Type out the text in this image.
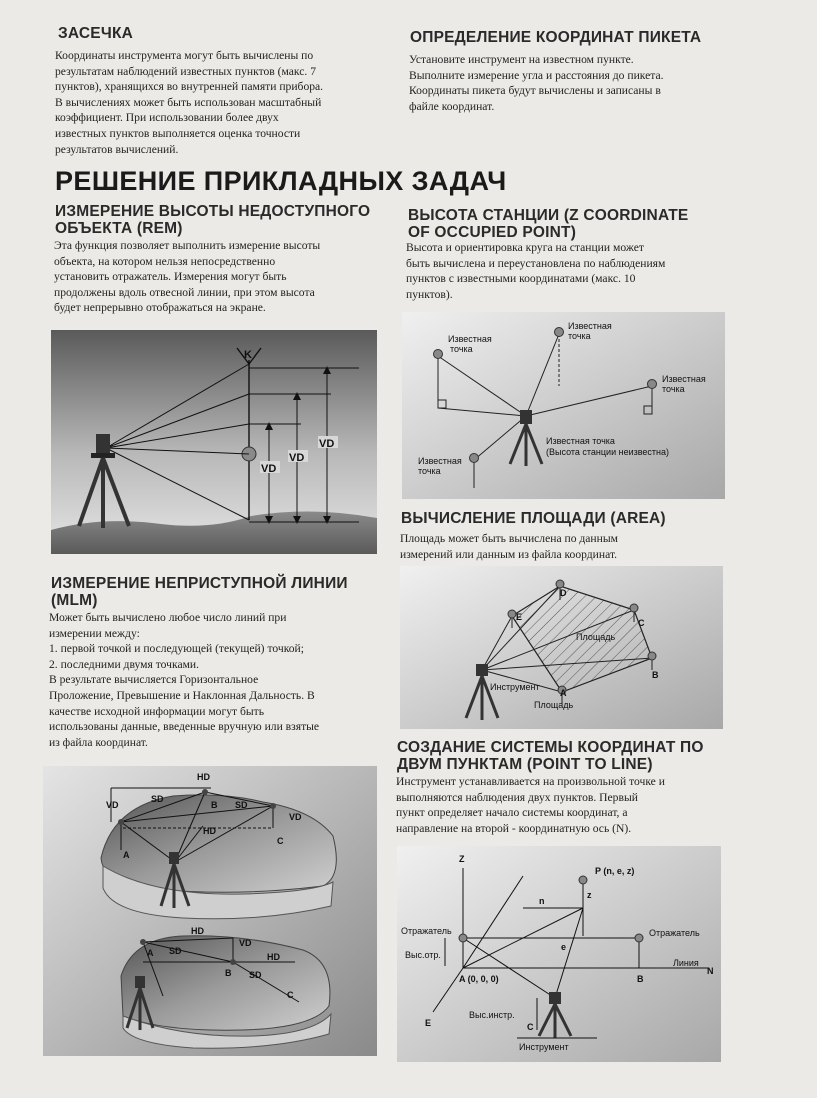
ЗАСЕЧКА
Координаты инструмента могут быть вычислены по
результатам наблюдений известных пунктов (макс. 7
пунктов), хранящихся во внутренней памяти прибора.
В вычислениях может быть использован масштабный
коэффициент. При использовании более двух
известных пунктов выполняется оценка точности
результатов вычислений.
ОПРЕДЕЛЕНИЕ КООРДИНАТ ПИКЕТА
Установите инструмент на известном пункте.
Выполните измерение угла и расстояния до пикета.
Координаты пикета будут вычислены и записаны в
файле координат.
РЕШЕНИЕ ПРИКЛАДНЫХ ЗАДАЧ
ИЗМЕРЕНИЕ ВЫСОТЫ НЕДОСТУПНОГО
ОБЪЕКТА (REM)
Эта функция позволяет выполнить измерение высоты
объекта, на котором нельзя непосредственно
установить отражатель. Измерения могут быть
продолжены вдоль отвесной линии, при этом высота
будет непрерывно отображаться на экране.
K
VD
VD
VD
ИЗМЕРЕНИЕ НЕПРИСТУПНОЙ ЛИНИИ
(MLM)
Может быть вычислено любое число линий при
измерении между:
1. первой точкой и последующей (текущей) точкой;
2. последними двумя точками.
В результате вычисляется Горизонтальное
Проложение, Превышение и Наклонная Дальность. В
качестве исходной информации могут быть
использованы данные, введенные вручную или взятые
из файла координат.
HD
VD
SD
SD
B
HD
VD
A
C
HD
VD
SD
A
B SD
HD
C
ВЫСОТА СТАНЦИИ (Z COORDINATE
OF OCCUPIED POINT)
Высота и ориентировка круга на станции может
быть вычислена и переустановлена по наблюдениям
пунктов с известными координатами (макс. 10
пунктов).
Известная
точка
Известная
точка
Известная
точка
Известная
точка
Известная точка
(Высота станции неизвестна)
ВЫЧИСЛЕНИЕ ПЛОЩАДИ (AREA)
Площадь может быть вычислена по данным
измерений или данным из файла координат.
E
D
C
B
A
Площадь
Инструмент
Площадь
СОЗДАНИЕ СИСТЕМЫ КООРДИНАТ ПО
ДВУМ ПУНКТАМ (POINT TO LINE)
Инструмент устанавливается на произвольной точке и
выполняются наблюдения двух пунктов. Первый
пункт определяет начало системы координат, а
направление на второй - координатную ось (N).
Z
P (n, e, z)
z
n
e
Отражатель
Выс.отр.
A (0, 0, 0)	B
Отражатель
Линия
N
E
Выс.инстр.
C
Инструмент
